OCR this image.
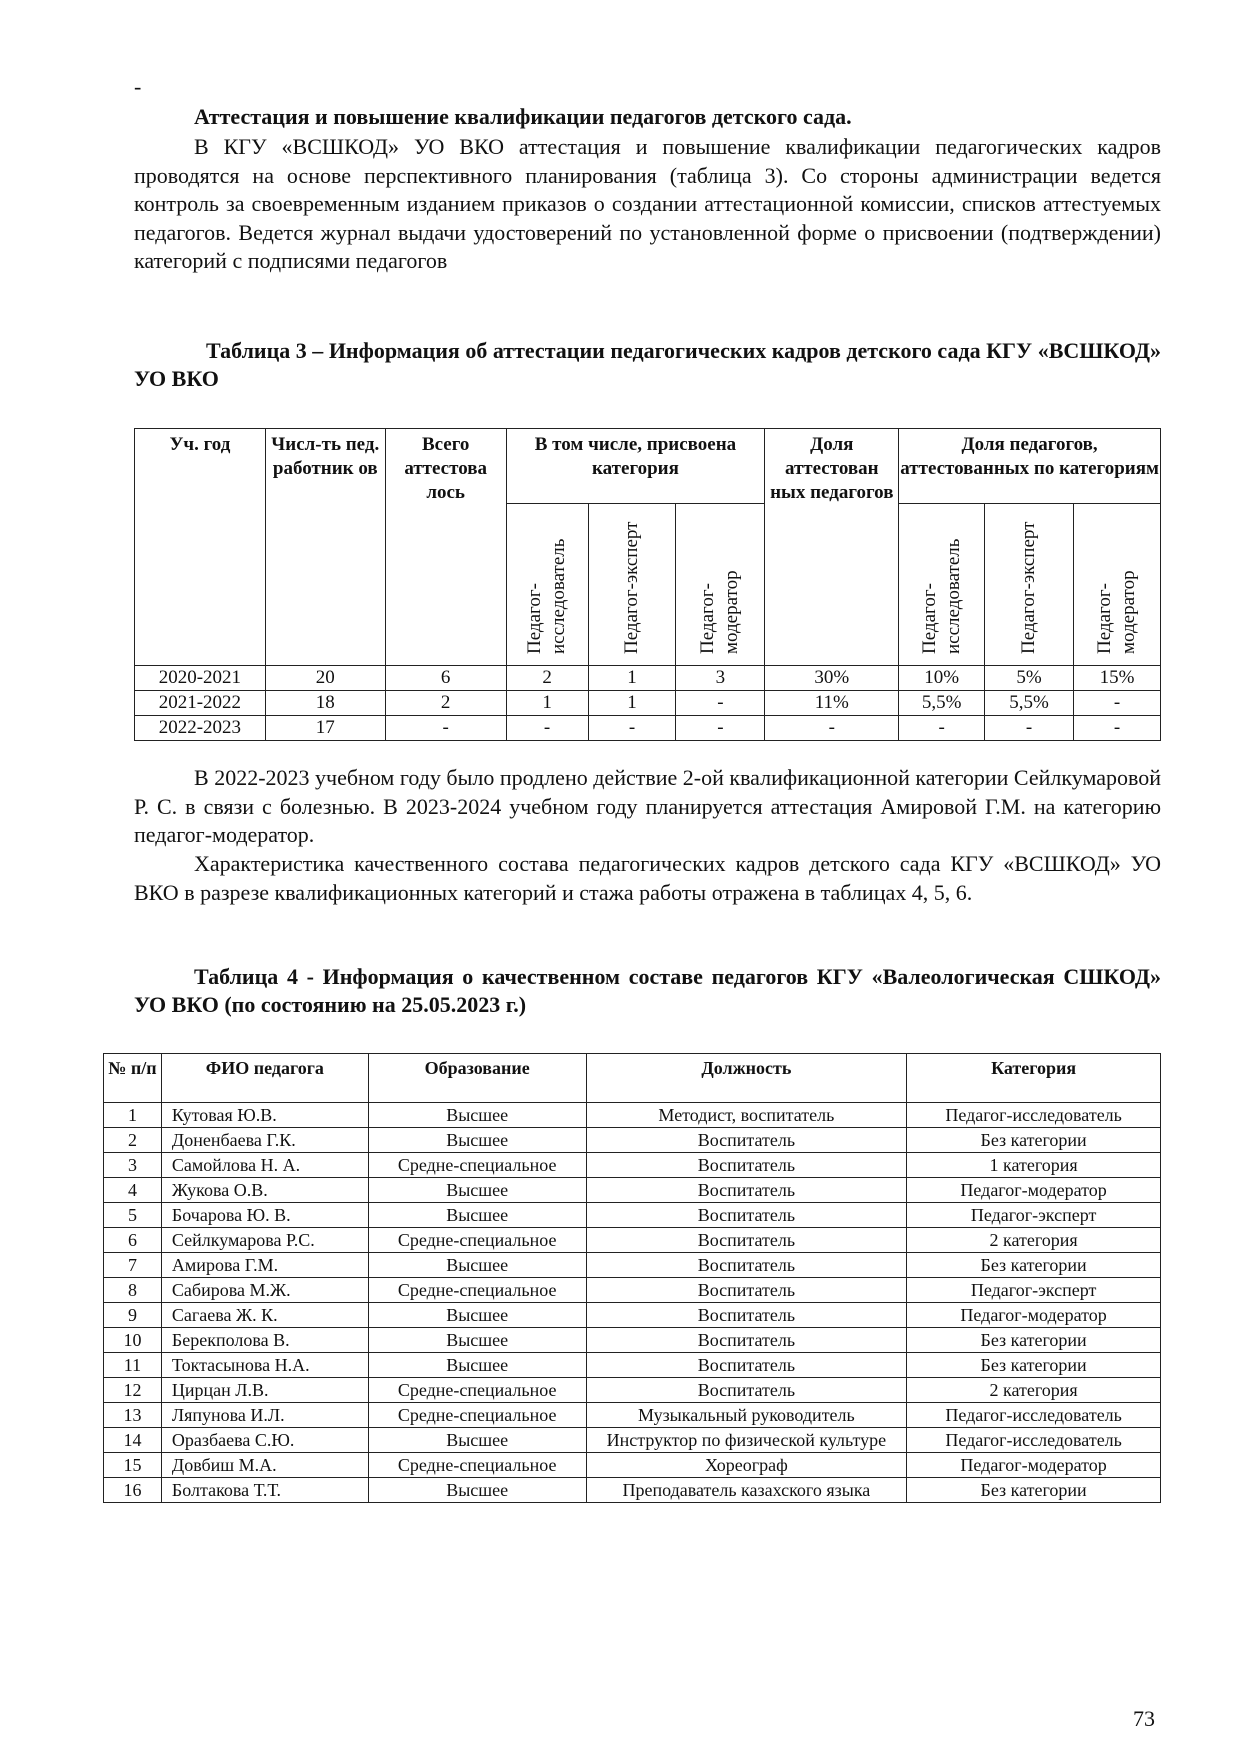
-
Аттестация и повышение квалификации педагогов детского сада.

В КГУ «ВСШКОД» УО ВКО аттестация и повышение квалификации педагогических кадров проводятся на основе перспективного планирования (таблица 3). Со стороны администрации ведется контроль за своевременным изданием приказов о создании аттестационной комиссии, списков аттестуемых педагогов. Ведется журнал выдачи удостоверений по установленной форме о присвоении (подтверждении) категорий с подписями педагогов

Таблица 3 – Информация об аттестации педагогических кадров детского сада КГУ «ВСШКОД» УО ВКО

Уч. год	Числ-ть пед. работник ов	Всего аттестова лось	В том числе, присвоена категория			Доля аттестован ных педагогов	Доля педагогов, аттестованных по категориям		
			Педагог-исследователь	Педагог-эксперт	Педагог-модератор		Педагог-исследователь	Педагог-эксперт	Педагог-модератор
2020-2021	20	6	2	1	3	30%	10%	5%	15%
2021-2022	18	2	1	1	-	11%	5,5%	5,5%	-
2022-2023	17	-	-	-	-	-	-	-	-

В 2022-2023 учебном году было продлено действие 2-ой квалификационной категории Сейлкумаровой Р. С. в связи с болезнью. В 2023-2024 учебном году планируется аттестация Амировой Г.М. на категорию педагог-модератор.

Характеристика качественного состава педагогических кадров детского сада КГУ «ВСШКОД» УО ВКО в разрезе квалификационных категорий и стажа работы отражена в таблицах 4, 5, 6.

Таблица 4 - Информация о качественном составе педагогов КГУ «Валеологическая СШКОД» УО ВКО (по состоянию на 25.05.2023 г.)

№ п/п	ФИО педагога	Образование	Должность	Категория
1	Кутовая Ю.В.	Высшее	Методист, воспитатель	Педагог-исследователь
2	Доненбаева Г.К.	Высшее	Воспитатель	Без категории
3	Самойлова Н. А.	Средне-специальное	Воспитатель	1 категория
4	Жукова О.В.	Высшее	Воспитатель	Педагог-модератор
5	Бочарова Ю. В.	Высшее	Воспитатель	Педагог-эксперт
6	Сейлкумарова Р.С.	Средне-специальное	Воспитатель	2 категория
7	Амирова Г.М.	Высшее	Воспитатель	Без категории
8	Сабирова М.Ж.	Средне-специальное	Воспитатель	Педагог-эксперт
9	Сагаева Ж. К.	Высшее	Воспитатель	Педагог-модератор
10	Берекполова В.	Высшее	Воспитатель	Без категории
11	Токтасынова Н.А.	Высшее	Воспитатель	Без категории
12	Цирцан Л.В.	Средне-специальное	Воспитатель	2 категория
13	Ляпунова И.Л.	Средне-специальное	Музыкальный руководитель	Педагог-исследователь
14	Оразбаева С.Ю.	Высшее	Инструктор по физической культуре	Педагог-исследователь
15	Довбиш М.А.	Средне-специальное	Хореограф	Педагог-модератор
16	Болтакова Т.Т.	Высшее	Преподаватель казахского языка	Без категории
73
